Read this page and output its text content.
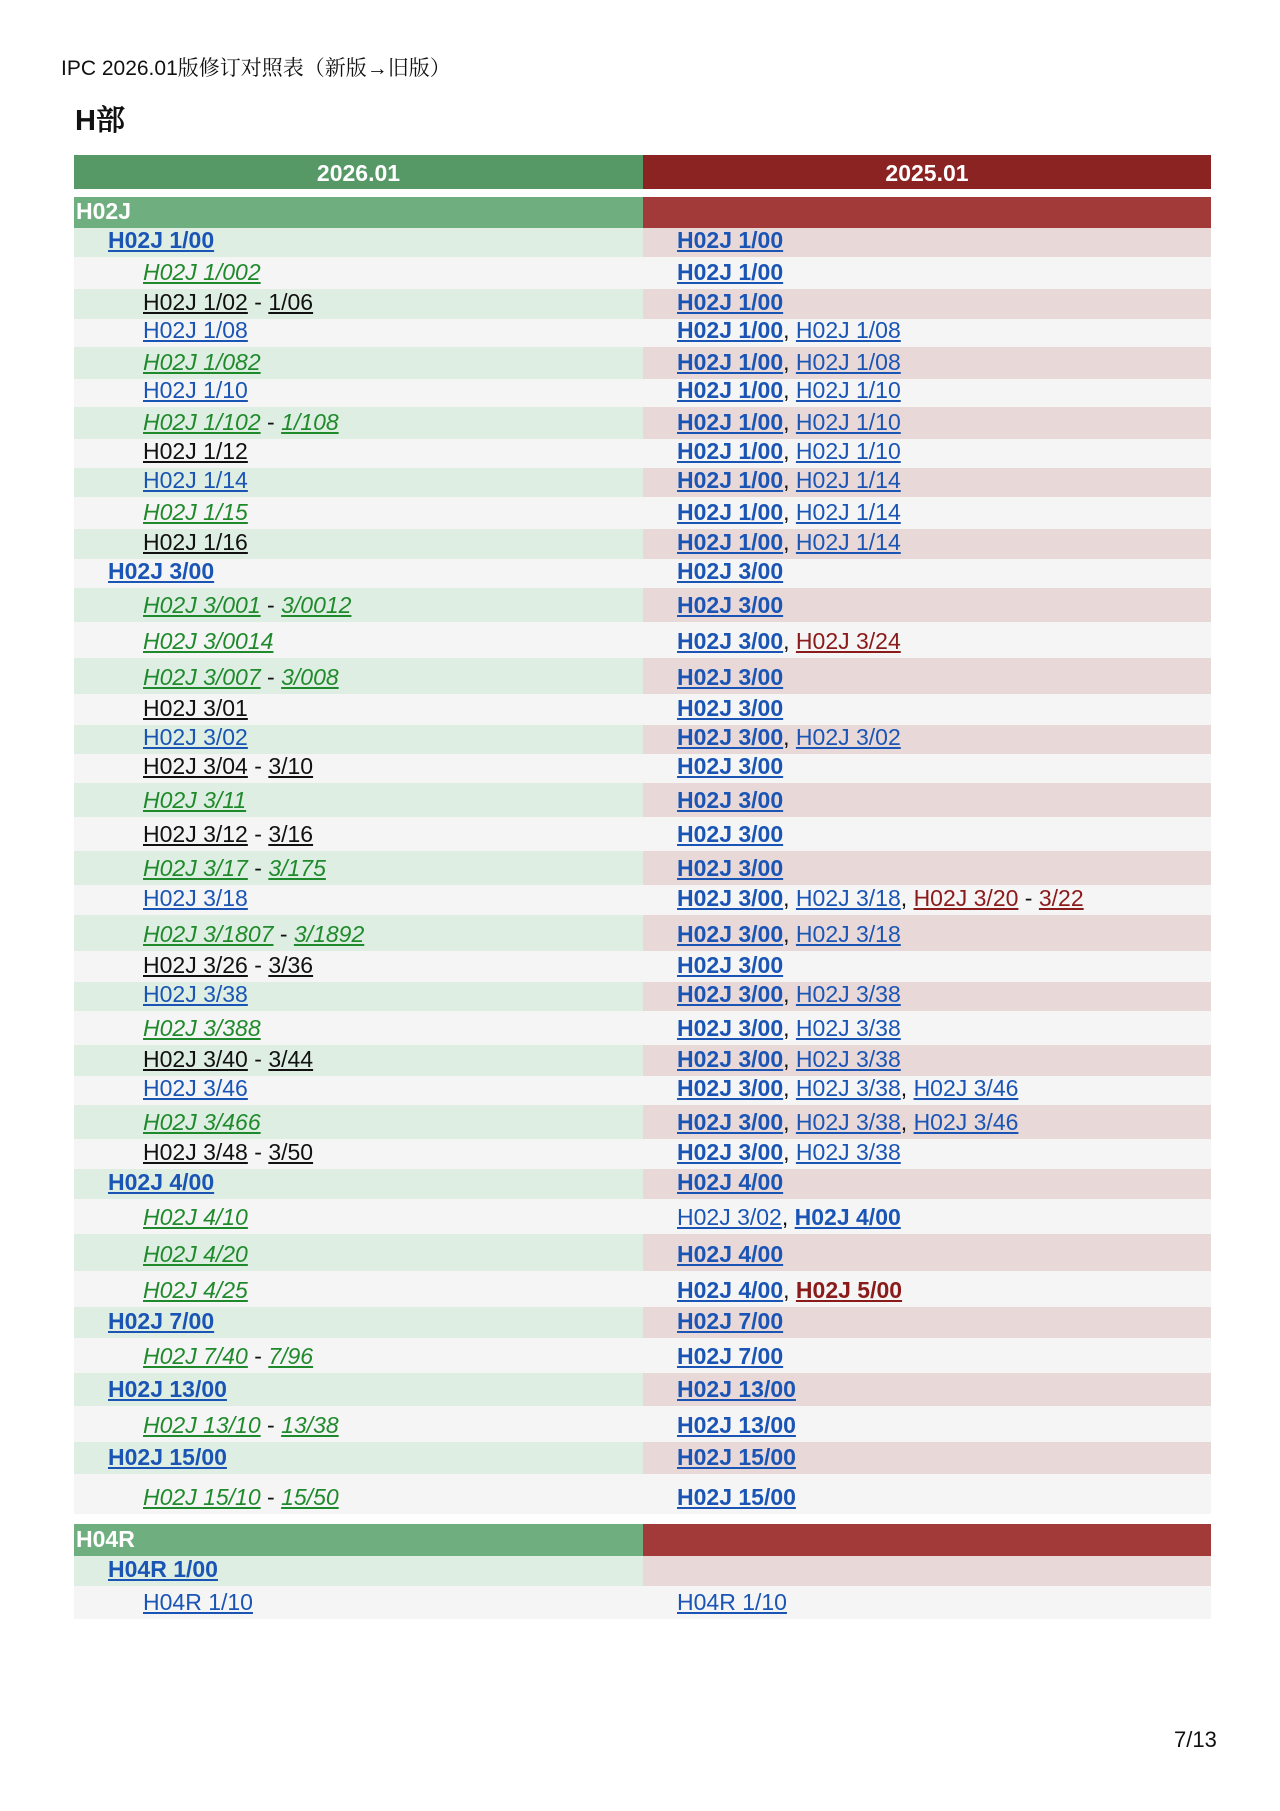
IPC 2026.01版修订对照表（新版→旧版）
H部
2026.01	2025.01
H02J
H02J 1/00	H02J 1/00
H02J 1/002	H02J 1/00
H02J 1/02 - 1/06	H02J 1/00
H02J 1/08	H02J 1/00, H02J 1/08
H02J 1/082	H02J 1/00, H02J 1/08
H02J 1/10	H02J 1/00, H02J 1/10
H02J 1/102 - 1/108	H02J 1/00, H02J 1/10
H02J 1/12	H02J 1/00, H02J 1/10
H02J 1/14	H02J 1/00, H02J 1/14
H02J 1/15	H02J 1/00, H02J 1/14
H02J 1/16	H02J 1/00, H02J 1/14
H02J 3/00	H02J 3/00
H02J 3/001 - 3/0012	H02J 3/00
H02J 3/0014	H02J 3/00, H02J 3/24
H02J 3/007 - 3/008	H02J 3/00
H02J 3/01	H02J 3/00
H02J 3/02	H02J 3/00, H02J 3/02
H02J 3/04 - 3/10	H02J 3/00
H02J 3/11	H02J 3/00
H02J 3/12 - 3/16	H02J 3/00
H02J 3/17 - 3/175	H02J 3/00
H02J 3/18	H02J 3/00, H02J 3/18, H02J 3/20 - 3/22
H02J 3/1807 - 3/1892	H02J 3/00, H02J 3/18
H02J 3/26 - 3/36	H02J 3/00
H02J 3/38	H02J 3/00, H02J 3/38
H02J 3/388	H02J 3/00, H02J 3/38
H02J 3/40 - 3/44	H02J 3/00, H02J 3/38
H02J 3/46	H02J 3/00, H02J 3/38, H02J 3/46
H02J 3/466	H02J 3/00, H02J 3/38, H02J 3/46
H02J 3/48 - 3/50	H02J 3/00, H02J 3/38
H02J 4/00	H02J 4/00
H02J 4/10	H02J 3/02, H02J 4/00
H02J 4/20	H02J 4/00
H02J 4/25	H02J 4/00, H02J 5/00
H02J 7/00	H02J 7/00
H02J 7/40 - 7/96	H02J 7/00
H02J 13/00	H02J 13/00
H02J 13/10 - 13/38	H02J 13/00
H02J 15/00	H02J 15/00
H02J 15/10 - 15/50	H02J 15/00
H04R
H04R 1/00
H04R 1/10	H04R 1/10
7/13
